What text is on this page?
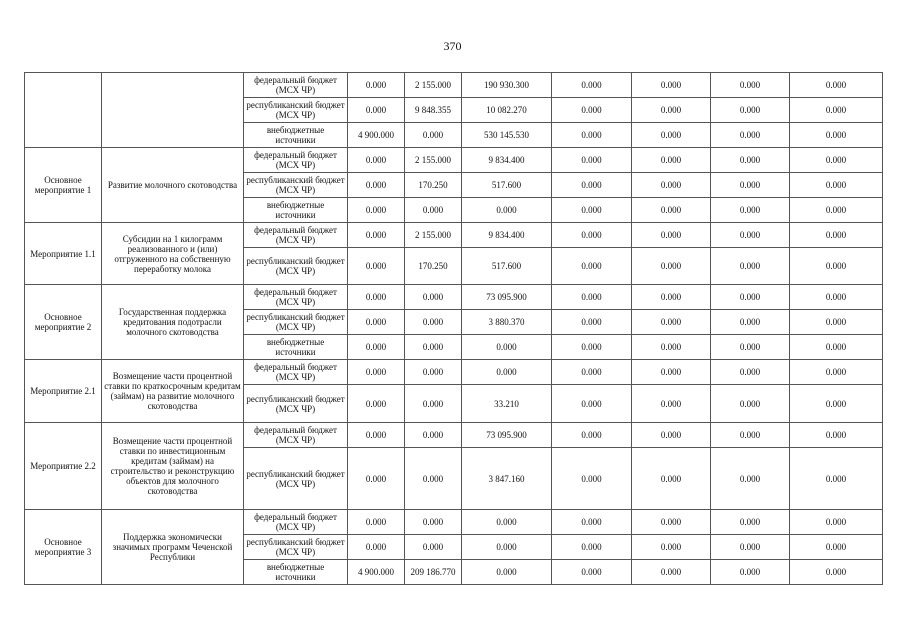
370
		федеральный бюджет (МСХ ЧР)	0.000	2 155.000	190 930.300	0.000	0.000	0.000	0.000
		республиканский бюджет (МСХ ЧР)	0.000	9 848.355	10 082.270	0.000	0.000	0.000	0.000
		внебюджетные источники	4 900.000	0.000	530 145.530	0.000	0.000	0.000	0.000
Основное мероприятие 1	Развитие молочного скотоводства	федеральный бюджет (МСХ ЧР)	0.000	2 155.000	9 834.400	0.000	0.000	0.000	0.000
		республиканский бюджет (МСХ ЧР)	0.000	170.250	517.600	0.000	0.000	0.000	0.000
		внебюджетные источники	0.000	0.000	0.000	0.000	0.000	0.000	0.000
Мероприятие 1.1	Субсидии на 1 килограмм реализованного и (или) отгруженного на собственную переработку молока	федеральный бюджет (МСХ ЧР)	0.000	2 155.000	9 834.400	0.000	0.000	0.000	0.000
		республиканский бюджет (МСХ ЧР)	0.000	170.250	517.600	0.000	0.000	0.000	0.000
Основное мероприятие 2	Государственная поддержка кредитования подотрасли молочного скотоводства	федеральный бюджет (МСХ ЧР)	0.000	0.000	73 095.900	0.000	0.000	0.000	0.000
		республиканский бюджет (МСХ ЧР)	0.000	0.000	3 880.370	0.000	0.000	0.000	0.000
		внебюджетные источники	0.000	0.000	0.000	0.000	0.000	0.000	0.000
Мероприятие 2.1	Возмещение части процентной ставки по краткосрочным кредитам (займам) на развитие молочного скотоводства	федеральный бюджет (МСХ ЧР)	0.000	0.000	0.000	0.000	0.000	0.000	0.000
		республиканский бюджет (МСХ ЧР)	0.000	0.000	33.210	0.000	0.000	0.000	0.000
Мероприятие 2.2	Возмещение части процентной ставки по инвестиционным кредитам (займам) на строительство и реконструкцию объектов для молочного скотоводства	федеральный бюджет (МСХ ЧР)	0.000	0.000	73 095.900	0.000	0.000	0.000	0.000
		республиканский бюджет (МСХ ЧР)	0.000	0.000	3 847.160	0.000	0.000	0.000	0.000
Основное мероприятие 3	Поддержка экономически значимых программ Чеченской Республики	федеральный бюджет (МСХ ЧР)	0.000	0.000	0.000	0.000	0.000	0.000	0.000
		республиканский бюджет (МСХ ЧР)	0.000	0.000	0.000	0.000	0.000	0.000	0.000
		внебюджетные источники	4 900.000	209 186.770	0.000	0.000	0.000	0.000	0.000
